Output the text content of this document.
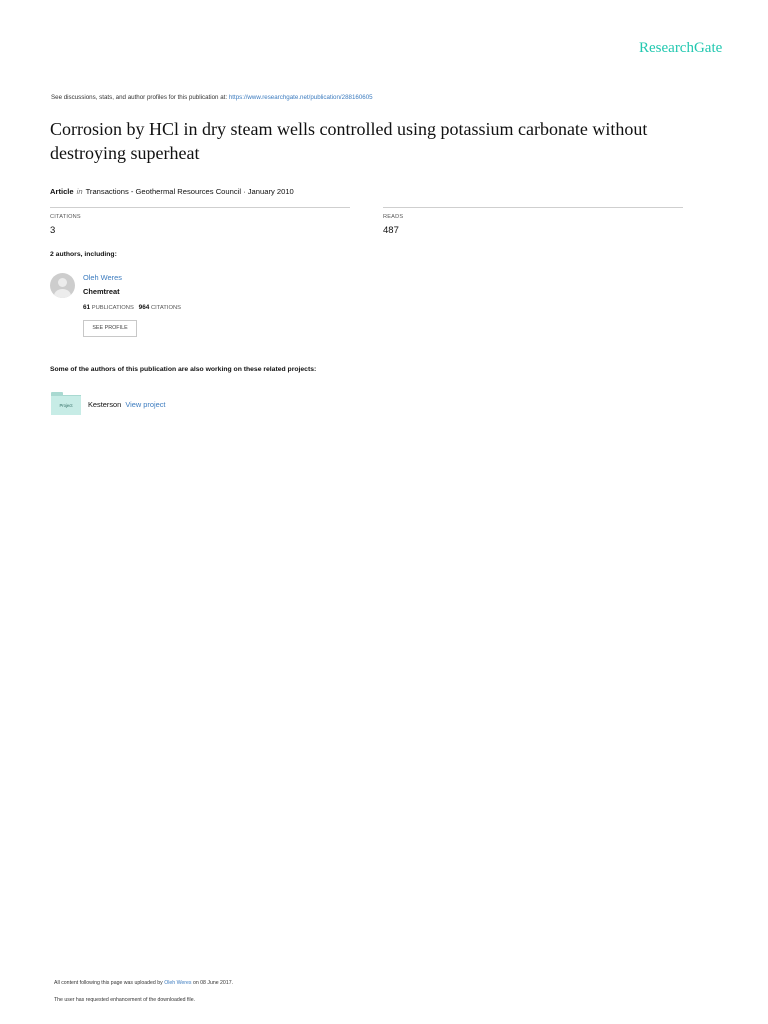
ResearchGate
See discussions, stats, and author profiles for this publication at: https://www.researchgate.net/publication/288160605
Corrosion by HCl in dry steam wells controlled using potassium carbonate without destroying superheat
Article in Transactions - Geothermal Resources Council · January 2010
CITATIONS
3
READS
487
2 authors, including:
Oleh Weres
Chemtreat
61 PUBLICATIONS 964 CITATIONS
SEE PROFILE
Some of the authors of this publication are also working on these related projects:
Project	Kesterson View project
All content following this page was uploaded by Oleh Weres on 08 June 2017.
The user has requested enhancement of the downloaded file.
